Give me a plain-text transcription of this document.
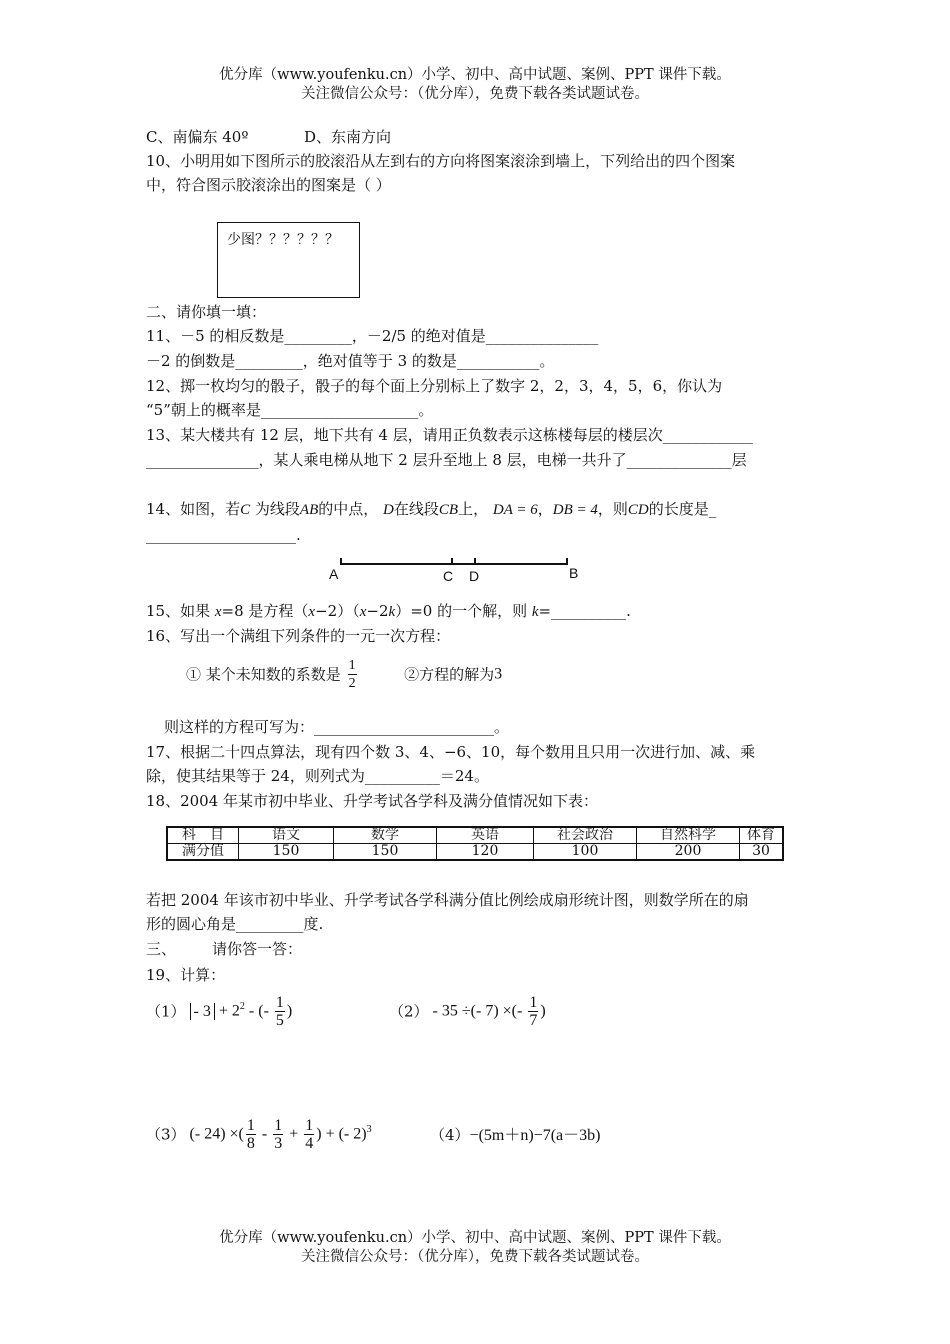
优分库（www.youfenku.cn）小学、初中、高中试题、案例、PPT 课件下载。
关注微信公众号：（优分库），免费下载各类试题试卷。
C、南偏东 40º	D、东南方向
10、小明用如下图所示的胶滚沿从左到右的方向将图案滚涂到墙上，下列给出的四个图案
中，符合图示胶滚涂出的图案是（ ）
少图？？？？？？
二、请你填一填：
11、－5 的相反数是_________，－2/5 的绝对值是_______________
－2 的倒数是_________，绝对值等于 3 的数是___________。
12、掷一枚均匀的骰子，骰子的每个面上分别标上了数字 2，2，3，4，5，6，你认为
“5”朝上的概率是_____________________。
13、某大楼共有 12 层，地下共有 4 层，请用正负数表示这栋楼每层的楼层次____________
_______________，某人乘电梯从地下 2 层升至地上 8 层，电梯一共升了______________层
14、如图，若C 为线段AB的中点， D在线段CB上， DA = 6，DB = 4，则CD的长度是_
____________________.
A	C D	B
15、如果 x=8 是方程（x−2）（x−2k）=0 的一个解，则 k=__________.
16、写出一个满组下列条件的一元一次方程：
① 某个未知数的系数是 $\frac{1}{2}$	②方程的解为3
则这样的方程可写为：________________________。
17、根据二十四点算法，现有四个数 3、4、−6、10，每个数用且只用一次进行加、减、乘
除，使其结果等于 24，则列式为__________＝24。
18、2004 年某市初中毕业、升学考试各学科及满分值情况如下表：
科　目	语文	数学	英语	社会政治	自然科学	体育
满分值	150	150	120	100	200	30
若把 2004 年该市初中毕业、升学考试各学科满分值比例绘成扇形统计图，则数学所在的扇
形的圆心角是_________度.
三、 请你答一答：
19、计算：
$(1) - 3 + 2^2$ - (- $\frac{1}{5}$ )	（2） - 35 ÷(- 7) ×(- $\frac{1}{7}$ )
（3） (- 24) ×( $\frac{1}{8} - \frac{1}{3} + \frac{1}{4}$ ) + (- 2)$^3$	（4）−(5m＋n)−7(a－3b)
优分库（www.youfenku.cn）小学、初中、高中试题、案例、PPT 课件下载。
关注微信公众号：（优分库），免费下载各类试题试卷。
